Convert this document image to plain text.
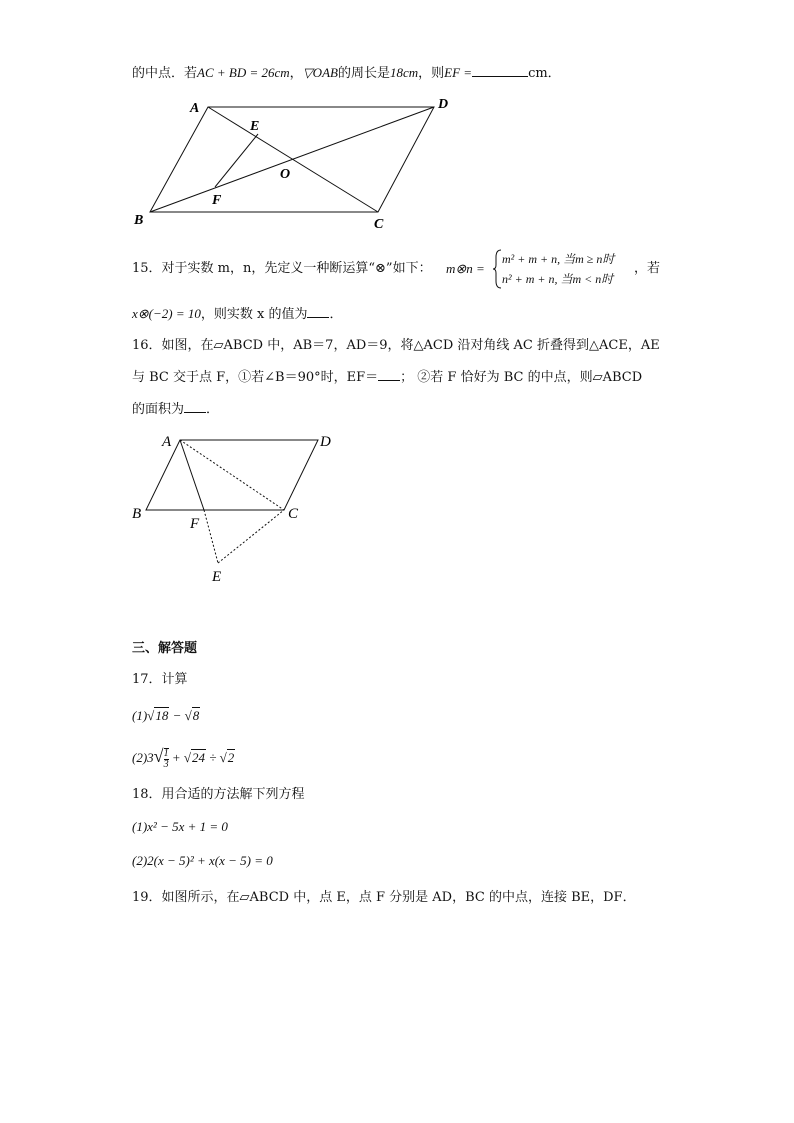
的中点．若AC + BD = 26cm，▽OAB的周长是18cm，则EF =	cm．
A	D
E
O
F
B	C
15．对于实数 m，n，先定义一种断运算“⊗”如下： m⊗n =
m² + m + n, 当m ≥ n时
n² + m + n, 当m < n时
，若
x⊗(−2) = 10，则实数 x 的值为 ．
16．如图，在▱ABCD 中，AB＝7，AD＝9，将△ACD 沿对角线 AC 折叠得到△ACE，AE
与 BC 交于点 F，①若∠B＝90°时，EF＝ ； ②若 F 恰好为 BC 的中点，则▱ABCD
的面积为 ．
A	D
B
F
C
E
三、解答题
17．计算
(1)√18 − √8
$(2)3√ \frac{1}{3} + √24 \div √2$
18．用合适的方法解下列方程
(1)x² − 5x + 1 = 0
(2)2(x − 5)² + x(x − 5) = 0
19．如图所示，在▱ABCD 中，点 E，点 F 分别是 AD，BC 的中点，连接 BE，DF．
